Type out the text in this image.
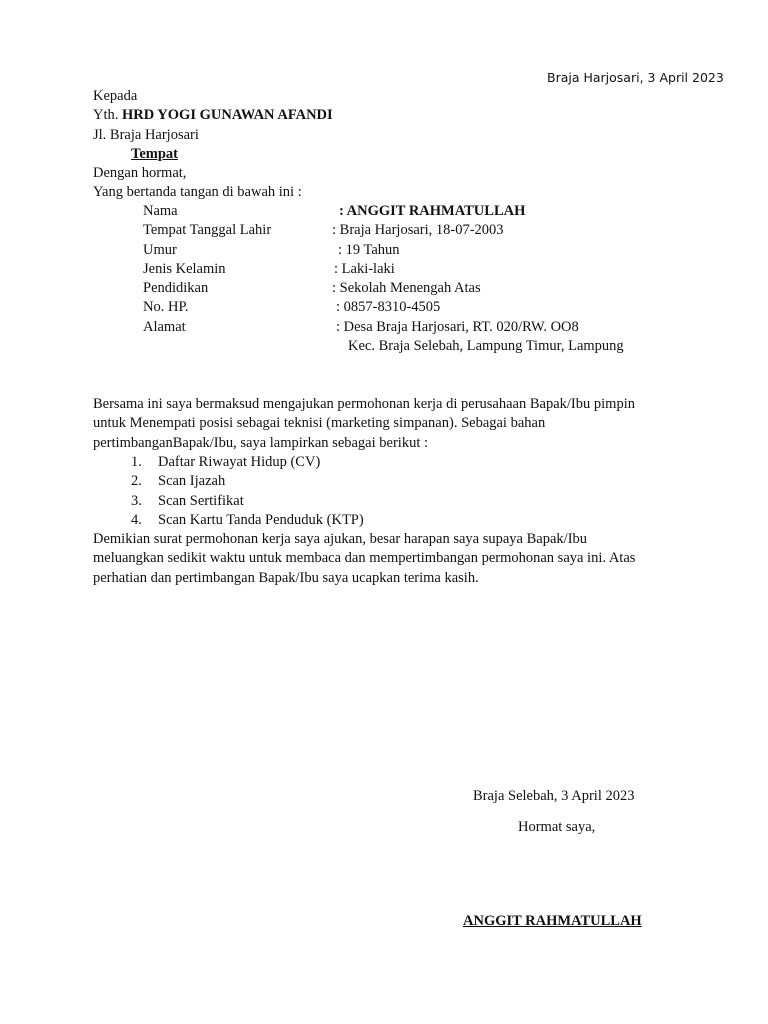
Braja Harjosari, 3 April 2023
Kepada
Yth. HRD YOGI GUNAWAN AFANDI
Jl. Braja Harjosari
Tempat
Dengan hormat,
Yang bertanda tangan di bawah ini :
Nama	: ANGGIT RAHMATULLAH
Tempat Tanggal Lahir	: Braja Harjosari, 18-07-2003
Umur	: 19 Tahun
Jenis Kelamin	: Laki-laki
Pendidikan	: Sekolah Menengah Atas
No. HP.	: 0857-8310-4505
Alamat	: Desa Braja Harjosari, RT. 020/RW. OO8
Kec. Braja Selebah, Lampung Timur, Lampung
Bersama ini saya bermaksud mengajukan permohonan kerja di perusahaan Bapak/Ibu pimpin
untuk Menempati posisi sebagai teknisi (marketing simpanan). Sebagai bahan
pertimbanganBapak/Ibu, saya lampirkan sebagai berikut :
1. Daftar Riwayat Hidup (CV)
2. Scan Ijazah
3. Scan Sertifikat
4. Scan Kartu Tanda Penduduk (KTP)
Demikian surat permohonan kerja saya ajukan, besar harapan saya supaya Bapak/Ibu
meluangkan sedikit waktu untuk membaca dan mempertimbangan permohonan saya ini. Atas
perhatian dan pertimbangan Bapak/Ibu saya ucapkan terima kasih.
Braja Selebah, 3 April 2023
Hormat saya,
ANGGIT RAHMATULLAH
